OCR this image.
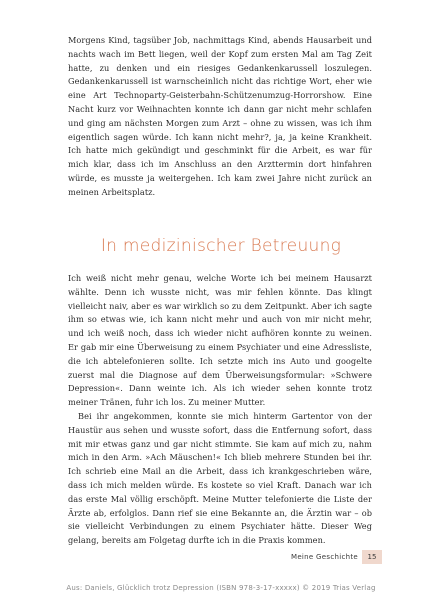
Morgens Kind, tagsüber Job, nachmittags Kind, abends Hausarbeit und nachts wach im Bett liegen, weil der Kopf zum ersten Mal am Tag Zeit hatte, zu denken und ein riesiges Gedankenkarussell loszulegen. Gedankenkarussell ist warnscheinlich nicht das richtige Wort, eher wie eine Art Technoparty-Geisterbahn-Schützenumzug-Horrorshow. Eine Nacht kurz vor Weihnachten konnte ich dann gar nicht mehr schlafen und ging am nächsten Morgen zum Arzt – ohne zu wissen, was ich ihm eigentlich sagen würde. Ich kann nicht mehr?, ja, ja keine Krankheit. Ich hatte mich gekündigt und geschminkt für die Arbeit, es war für mich klar, dass ich im Anschluss an den Arzttermin dort hinfahren würde, es musste ja weitergehen. Ich kam zwei Jahre nicht zurück an meinen Arbeitsplatz.

In medizinischer Betreuung

Ich weiß nicht mehr genau, welche Worte ich bei meinem Hausarzt wählte. Denn ich wusste nicht, was mir fehlen könnte. Das klingt vielleicht naiv, aber es war wirklich so zu dem Zeitpunkt. Aber ich sagte ihm so etwas wie, ich kann nicht mehr und auch von mir nicht mehr, und ich weiß noch, dass ich wieder nicht aufhören konnte zu weinen. Er gab mir eine Überweisung zu einem Psychiater und eine Adressliste, die ich abtelefonieren sollte. Ich setzte mich ins Auto und googelte zuerst mal die Diagnose auf dem Überweisungsformular: »Schwere Depression«. Dann weinte ich. Als ich wieder sehen konnte trotz meiner Tränen, fuhr ich los. Zu meiner Mutter.

Bei ihr angekommen, konnte sie mich hinterm Gartentor von der Haustür aus sehen und wusste sofort, dass die Entfernung sofort, dass mit mir etwas ganz und gar nicht stimmte. Sie kam auf mich zu, nahm mich in den Arm. »Ach Mäuschen!« Ich blieb mehrere Stunden bei ihr. Ich schrieb eine Mail an die Arbeit, dass ich krankgeschrieben wäre, dass ich mich melden würde. Es kostete so viel Kraft. Danach war ich das erste Mal völlig erschöpft. Meine Mutter telefonierte die Liste der Ärzte ab, erfolglos. Dann rief sie eine Bekannte an, die Ärztin war – ob sie vielleicht Verbindungen zu einem Psychiater hätte. Dieser Weg gelang, bereits am Folgetag durfte ich in die Praxis kommen.

Meine Geschichte	15
Aus: Daniels, Glücklich trotz Depression (ISBN 978-3-17-xxxxx) © 2019 Trias Verlag
